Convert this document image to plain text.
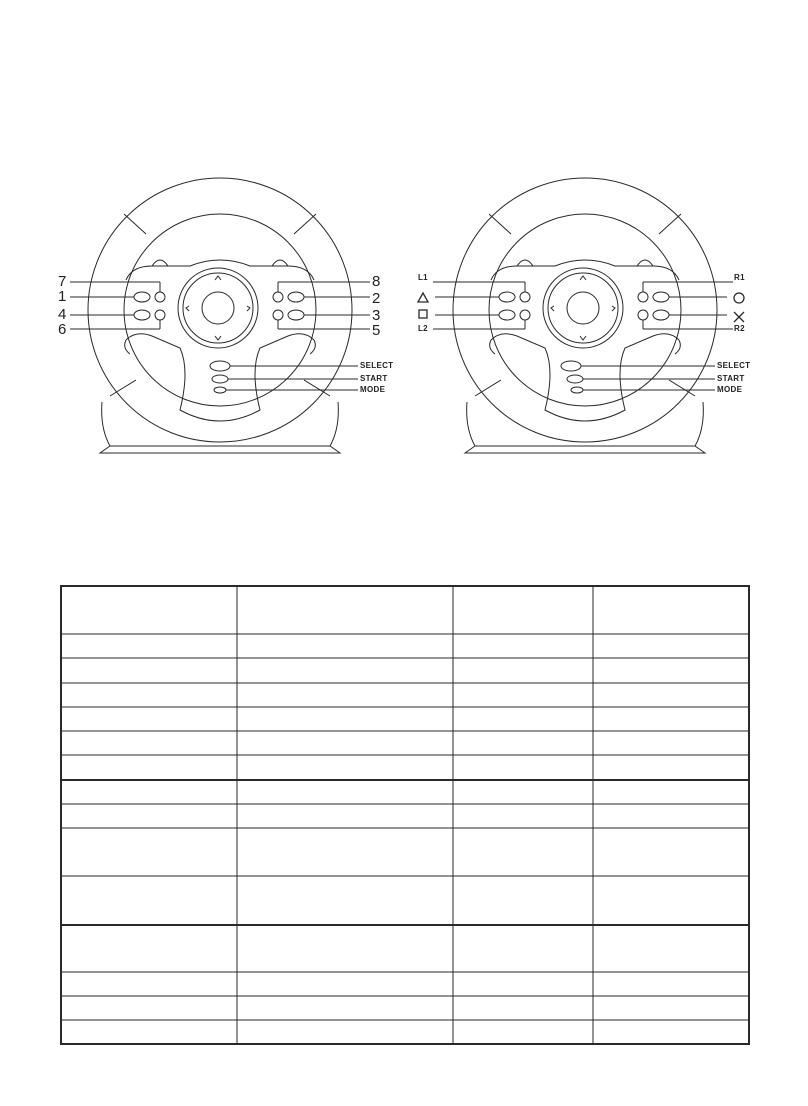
7
1
4
6
8
2
3
5
SELECT
START
MODE
L1
L2
R1
R2
SELECT
START
MODE
